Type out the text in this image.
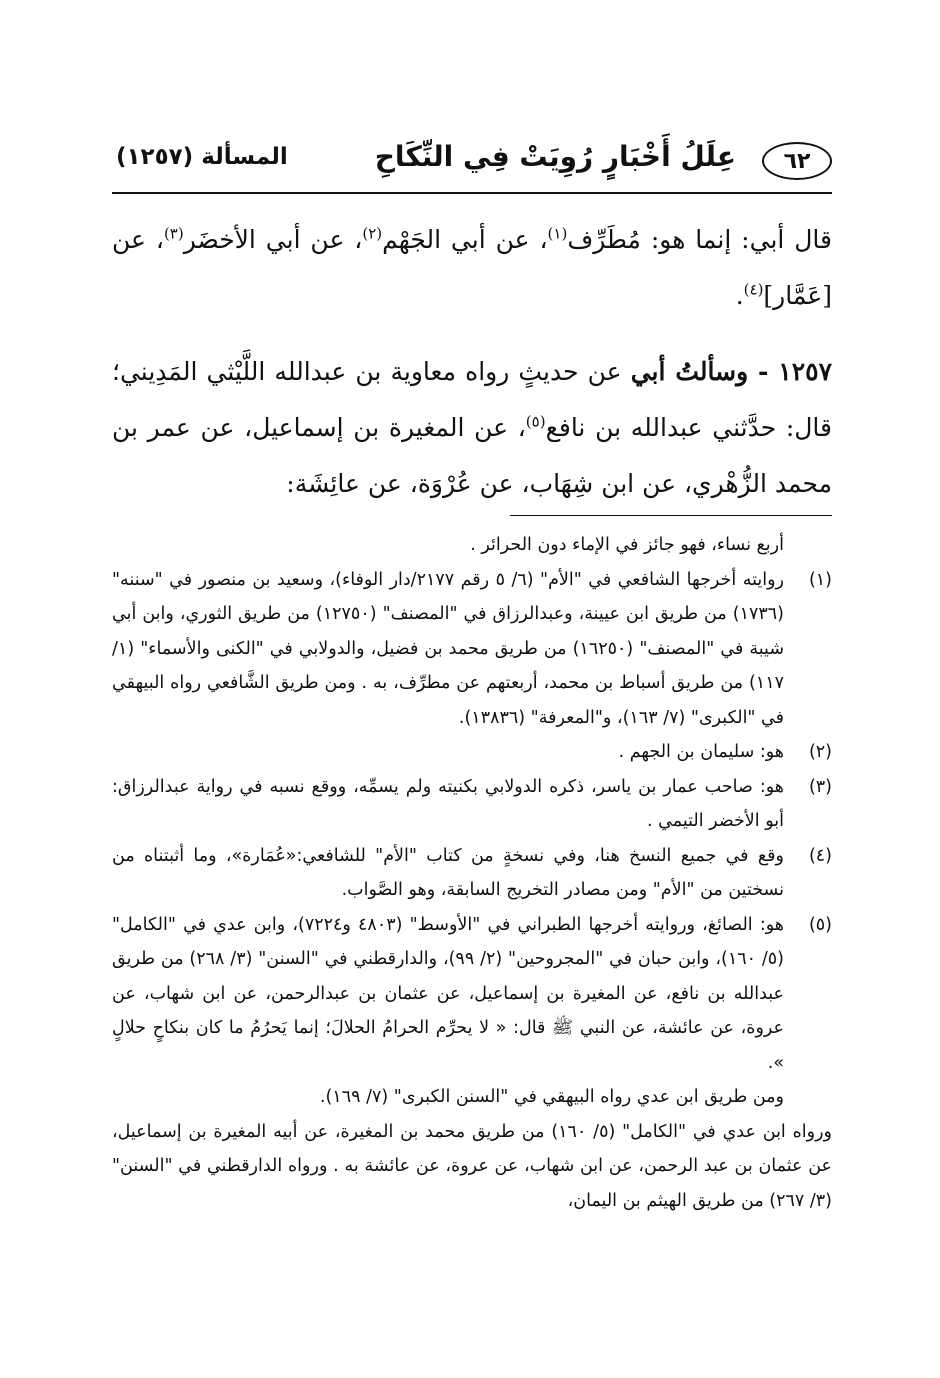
٦٢
عِلَلُ أَخْبَارٍ رُوِيَتْ فِي النِّكَاحِ
المسألة (١٢٥٧)

قال أبي: إنما هو: مُطَرِّف$^{(١)}$، عن أبي الجَهْم$^{(٢)}$، عن أبي الأخضَر$^{(٣)}$، عن [عَمَّار]$^{(٤)}$.

١٢٥٧ - وسألتُ أبي عن حديثٍ رواه معاوية بن عبدالله اللَّيْثي المَدِيني؛ قال: حدَّثني عبدالله بن نافع$^{(٥)}$، عن المغيرة بن إسماعيل، عن عمر بن محمد الزُّهْري، عن ابن شِهَاب، عن عُرْوَة، عن عائِشَة:

أربع نساء، فهو جائز في الإماء دون الحرائر .
(١)
روايته أخرجها الشافعي في "الأم" (٦/ ٥ رقم ٢١٧٧/دار الوفاء)، وسعيد بن منصور في "سننه" (١٧٣٦) من طريق ابن عيينة، وعبدالرزاق في "المصنف" (١٢٧٥٠) من طريق الثوري، وابن أبي شيبة في "المصنف" (١٦٢٥٠) من طريق محمد بن فضيل، والدولابي في "الكنى والأسماء" (١/ ١١٧) من طريق أسباط بن محمد، أربعتهم عن مطرِّف، به . ومن طريق الشَّافعي رواه البيهقي في "الكبرى" (٧/ ١٦٣)، و"المعرفة" (١٣٨٣٦).
(٢)
هو: سليمان بن الجهم .
(٣)
هو: صاحب عمار بن ياسر، ذكره الدولابي بكنيته ولم يسمِّه، ووقع نسبه في رواية عبدالرزاق: أبو الأخضر التيمي .
(٤)
وقع في جميع النسخ هنا، وفي نسخةٍ من كتاب "الأم" للشافعي:«عُمَارة»، وما أثبتناه من نسختين من "الأم" ومن مصادر التخريج السابقة، وهو الصَّواب.
(٥)
هو: الصائغ، وروايته أخرجها الطبراني في "الأوسط" (٤٨٠٣ و٧٢٢٤)، وابن عدي في "الكامل" (٥/ ١٦٠)، وابن حبان في "المجروحين" (٢/ ٩٩)، والدارقطني في "السنن" (٣/ ٢٦٨) من طريق عبدالله بن نافع، عن المغيرة بن إسماعيل، عن عثمان بن عبدالرحمن، عن ابن شهاب، عن عروة، عن عائشة، عن النبي ﷺ قال: « لا يحرِّم الحرامُ الحلالَ؛ إنما يَحرُمُ ما كان بنكاحٍ حلالٍ ».
ومن طريق ابن عدي رواه البيهقي في "السنن الكبرى" (٧/ ١٦٩).
ورواه ابن عدي في "الكامل" (٥/ ١٦٠) من طريق محمد بن المغيرة، عن أبيه المغيرة بن إسماعيل، عن عثمان بن عبد الرحمن، عن ابن شهاب، عن عروة، عن عائشة به . ورواه الدارقطني في "السنن" (٣/ ٢٦٧) من طريق الهيثم بن اليمان،
